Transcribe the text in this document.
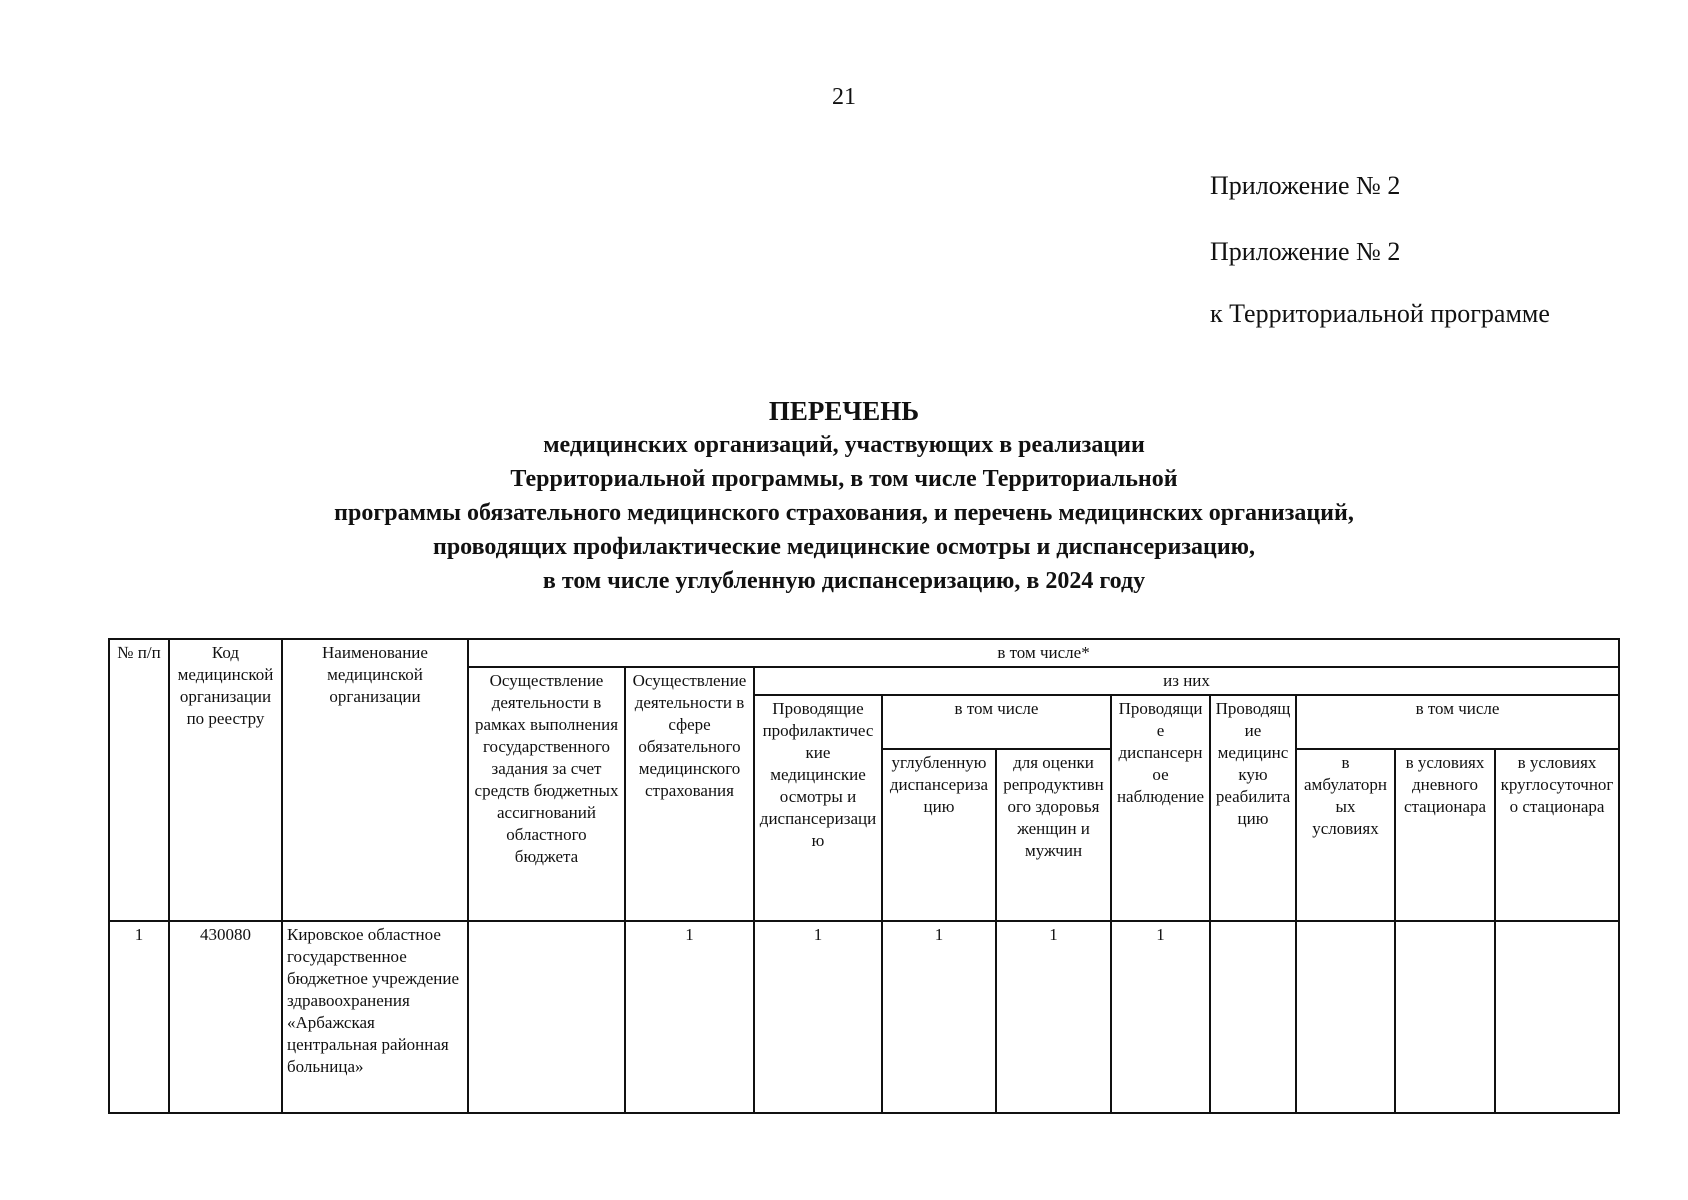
21
Приложение № 2
Приложение № 2
к Территориальной программе
ПЕРЕЧЕНЬ
медицинских организаций, участвующих в реализации
Территориальной программы, в том числе Территориальной
программы обязательного медицинского страхования, и перечень медицинских организаций,
проводящих профилактические медицинские осмотры и диспансеризацию,
в том числе углубленную диспансеризацию, в 2024 году
№ п/п	Код медицинской организации по реестру	Наименование медицинской организации	в том числе*									
			Осуществление деятельности в рамках выполнения государственного задания за счет средств бюджетных ассигнований областного бюджета	Осуществление деятельности в сфере обязательного медицинского страхования	из них							
					Проводящие профилактические медицинские осмотры и диспансеризацию	в том числе		Проводящие диспансерное наблюдение	Проводящие медицинскую реабилитацию	в том числе		
						углубленную диспансеризацию	для оценки репродуктивного здоровья женщин и мужчин			в амбулаторных условиях	в условиях дневного стационара	в условиях круглосуточного стационара
1	430080	Кировское областное государственное бюджетное учреждение здравоохранения «Арбажская центральная районная больница»		1	1	1	1	1				
